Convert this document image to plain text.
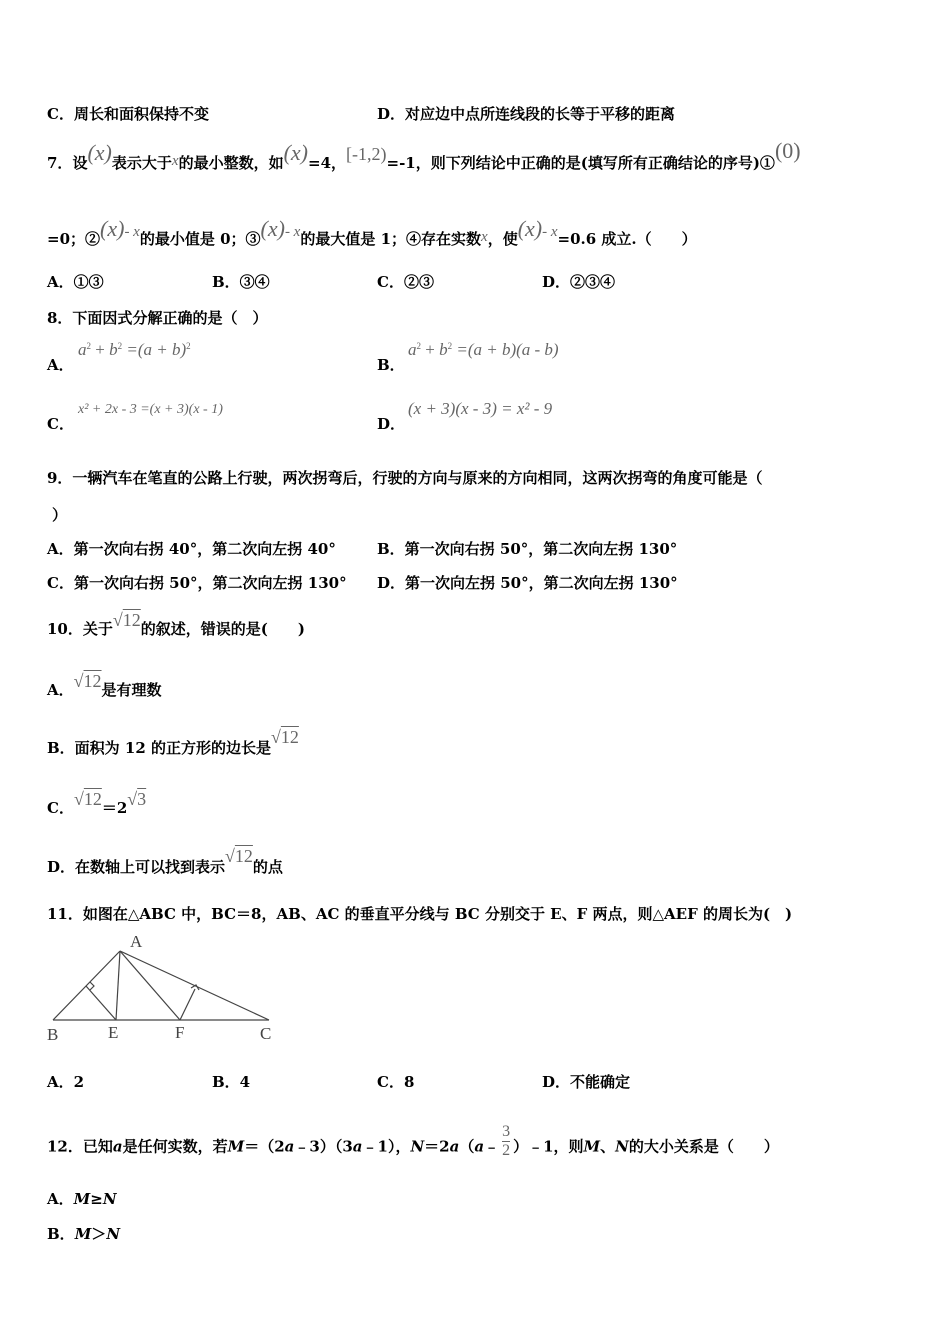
C．周长和面积保持不变	D．对应边中点所连线段的长等于平移的距离
7．设(x)表示大于x的最小整数，如(x)=4，[-1,2)=-1，则下列结论中正确的是(填写所有正确结论的序号)①(0)
=0；②(x)- x的最小值是 0；③(x)- x的最大值是 1；④存在实数x，使(x)- x=0.6 成立.（　　）
A．①③	B．③④	C．②③	D．②③④
8．下面因式分解正确的是（　）
A．
$a^2 + b^2 =(a + b)^2$
B．
$a^2 + b^2 =(a + b)(a - b)$
C．
x² + 2x - 3 =(x + 3)(x - 1)
D．
(x + 3)(x - 3) = x² - 9
9．一辆汽车在笔直的公路上行驶，两次拐弯后，行驶的方向与原来的方向相同，这两次拐弯的角度可能是（
）
A．第一次向右拐 40°，第二次向左拐 40°	B．第一次向右拐 50°，第二次向左拐 130°
C．第一次向右拐 50°，第二次向左拐 130° D．第一次向左拐 50°，第二次向左拐 130°
10．关于√12的叙述，错误的是(　　)
A．√12是有理数
B．面积为 12 的正方形的边长是√12
C．√12＝2√3
D．在数轴上可以找到表示√12的点
11．如图在△ABC 中，BC＝8，AB、AC 的垂直平分线与 BC 分别交于 E、F 两点，则△AEF 的周长为(　)
A
B	E	F	C
A．2	B．4	C．8	D．不能确定
12．已知a是任何实数，若M＝（2a﹣3）（3a﹣1），N＝2a（a﹣ $\frac{3}{2}$ ）﹣1，则M、N的大小关系是（　　）
A．M≥N
B．M＞N
